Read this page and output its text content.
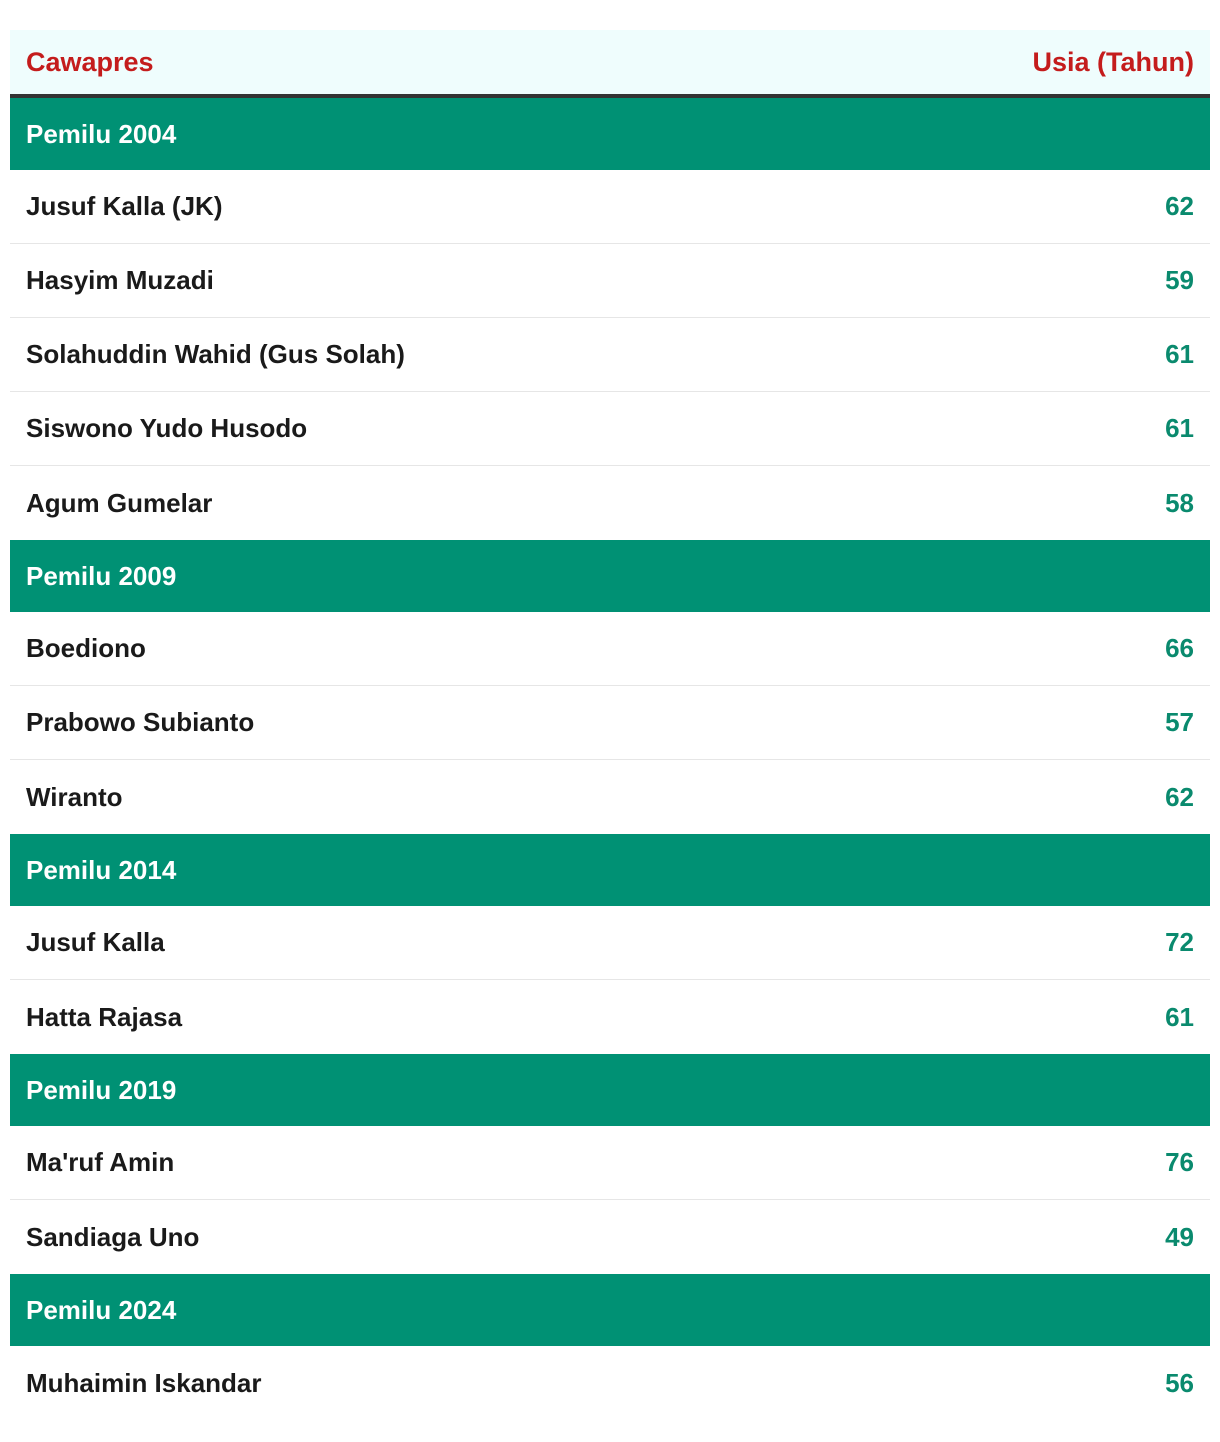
Cawapres	Usia (Tahun)
Pemilu 2004
Jusuf Kalla (JK)	62
Hasyim Muzadi	59
Solahuddin Wahid (Gus Solah)	61
Siswono Yudo Husodo	61
Agum Gumelar	58
Pemilu 2009
Boediono	66
Prabowo Subianto	57
Wiranto	62
Pemilu 2014
Jusuf Kalla	72
Hatta Rajasa	61
Pemilu 2019
Ma'ruf Amin	76
Sandiaga Uno	49
Pemilu 2024
Muhaimin Iskandar	56
